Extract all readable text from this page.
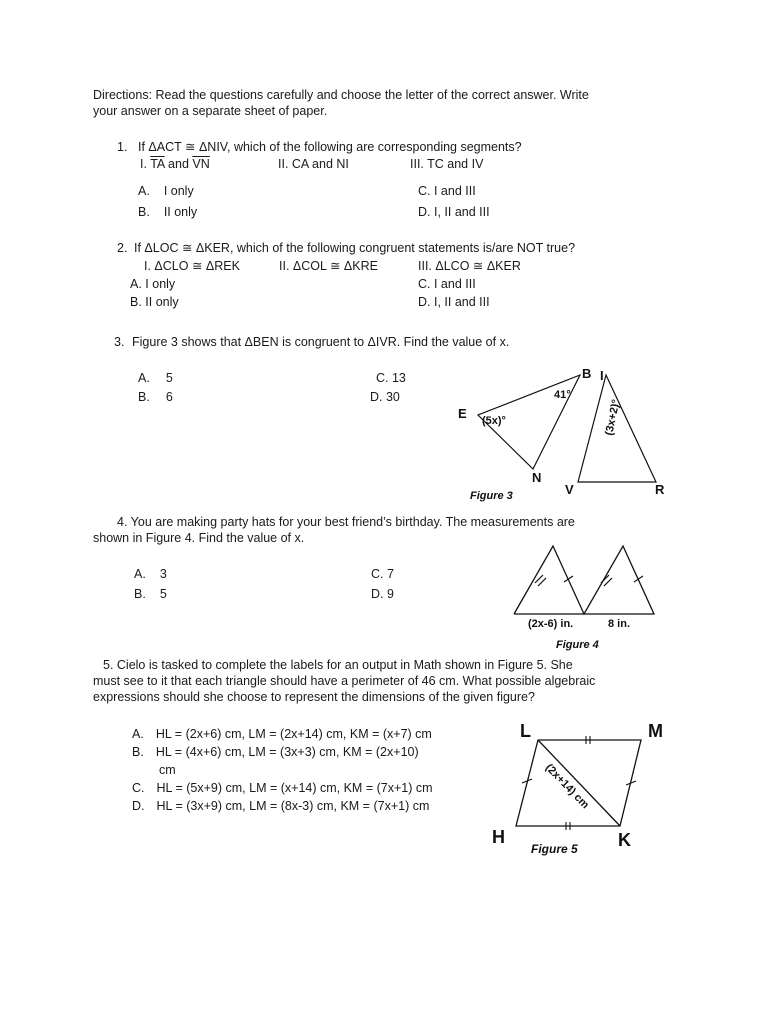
Directions: Read the questions carefully and choose the letter of the correct answer. Write
your answer on a separate sheet of paper.
1. If ΔACT ≅ ΔNIV, which of the following are corresponding segments?
I. $\overline{TA}$ and $\overline{VN}$	II. CA and NI	III. TC and IV
A. I only
B. II only
C. I and III
D. I, II and III
2. If ΔLOC ≅ ΔKER, which of the following congruent statements is/are NOT true?
I. ΔCLO ≅ ΔREK	II. ΔCOL ≅ ΔKRE	III. ΔLCO ≅ ΔKER
A. I only
B. II only
C. I and III
D. I, II and III
3. Figure 3 shows that ΔBEN is congruent to ΔIVR. Find the value of x.
A. 5
B. 6
C. 13
D. 30
B I
E
N
V	R
41°
(5x)°	(3x+2)°
Figure 3
4. You are making party hats for your best friend’s birthday. The measurements are
shown in Figure 4. Find the value of x.
A. 3
B. 5
C. 7
D. 9
(2x-6) in.	8 in.
Figure 4
5. Cielo is tasked to complete the labels for an output in Math shown in Figure 5. She
must see to it that each triangle should have a perimeter of 46 cm. What possible algebraic
expressions should she choose to represent the dimensions of the given figure?
A. HL = (2x+6) cm, LM = (2x+14) cm, KM = (x+7) cm
B. HL = (4x+6) cm, LM = (3x+3) cm, KM = (2x+10)
cm
C. HL = (5x+9) cm, LM = (x+14) cm, KM = (7x+1) cm
D. HL = (3x+9) cm, LM = (8x-3) cm, KM = (7x+1) cm
L	M
H	K
(2x+14) cm
Figure 5
